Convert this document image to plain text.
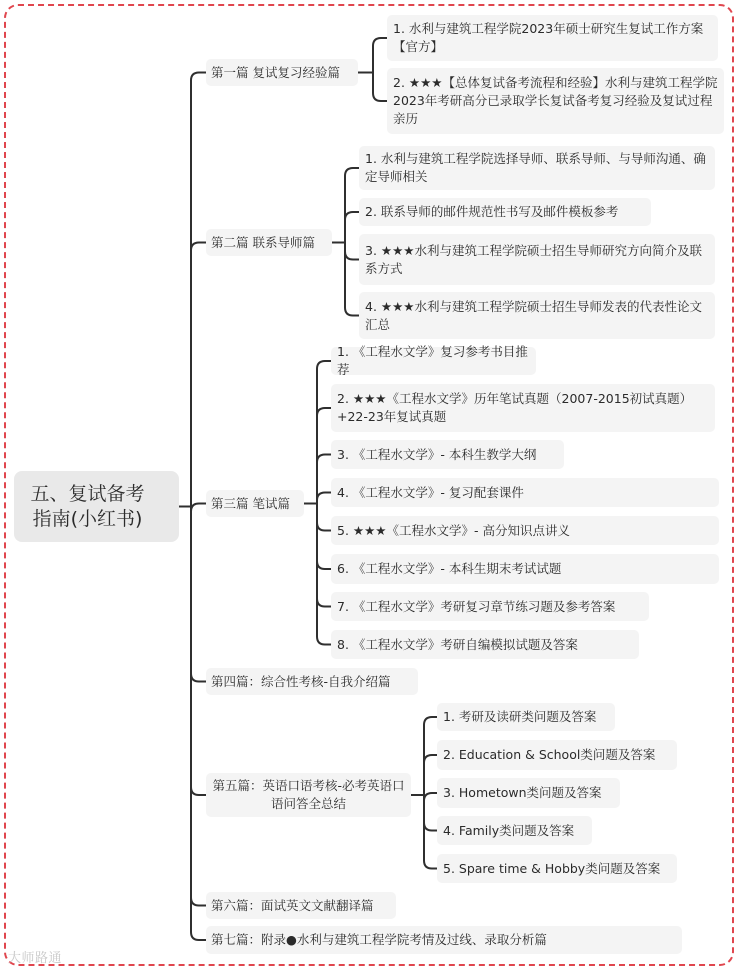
五、复试备考指南(小红书)
第一篇 复试复习经验篇
1. 水利与建筑工程学院2023年硕士研究生复试工作方案【官方】
2. ★★★【总体复试备考流程和经验】水利与建筑工程学院2023年考研高分已录取学长复试备考复习经验及复试过程亲历
第二篇 联系导师篇
1. 水利与建筑工程学院选择导师、联系导师、与导师沟通、确定导师相关
2. 联系导师的邮件规范性书写及邮件模板参考
3. ★★★水利与建筑工程学院硕士招生导师研究方向简介及联系方式
4. ★★★水利与建筑工程学院硕士招生导师发表的代表性论文汇总
第三篇 笔试篇
1. 《工程水文学》复习参考书目推荐
2. ★★★《工程水文学》历年笔试真题（2007-2015初试真题）+22-23年复试真题
3. 《工程水文学》- 本科生教学大纲
4. 《工程水文学》- 复习配套课件
5. ★★★《工程水文学》- 高分知识点讲义
6. 《工程水文学》- 本科生期末考试试题
7. 《工程水文学》考研复习章节练习题及参考答案
8. 《工程水文学》考研自编模拟试题及答案
第四篇：综合性考核-自我介绍篇
第五篇：英语口语考核-必考英语口语问答全总结
1. 考研及读研类问题及答案
2. Education & School类问题及答案
3. Hometown类问题及答案
4. Family类问题及答案
5. Spare time & Hobby类问题及答案
第六篇：面试英文文献翻译篇
第七篇：附录●水利与建筑工程学院考情及过线、录取分析篇
大师路通
